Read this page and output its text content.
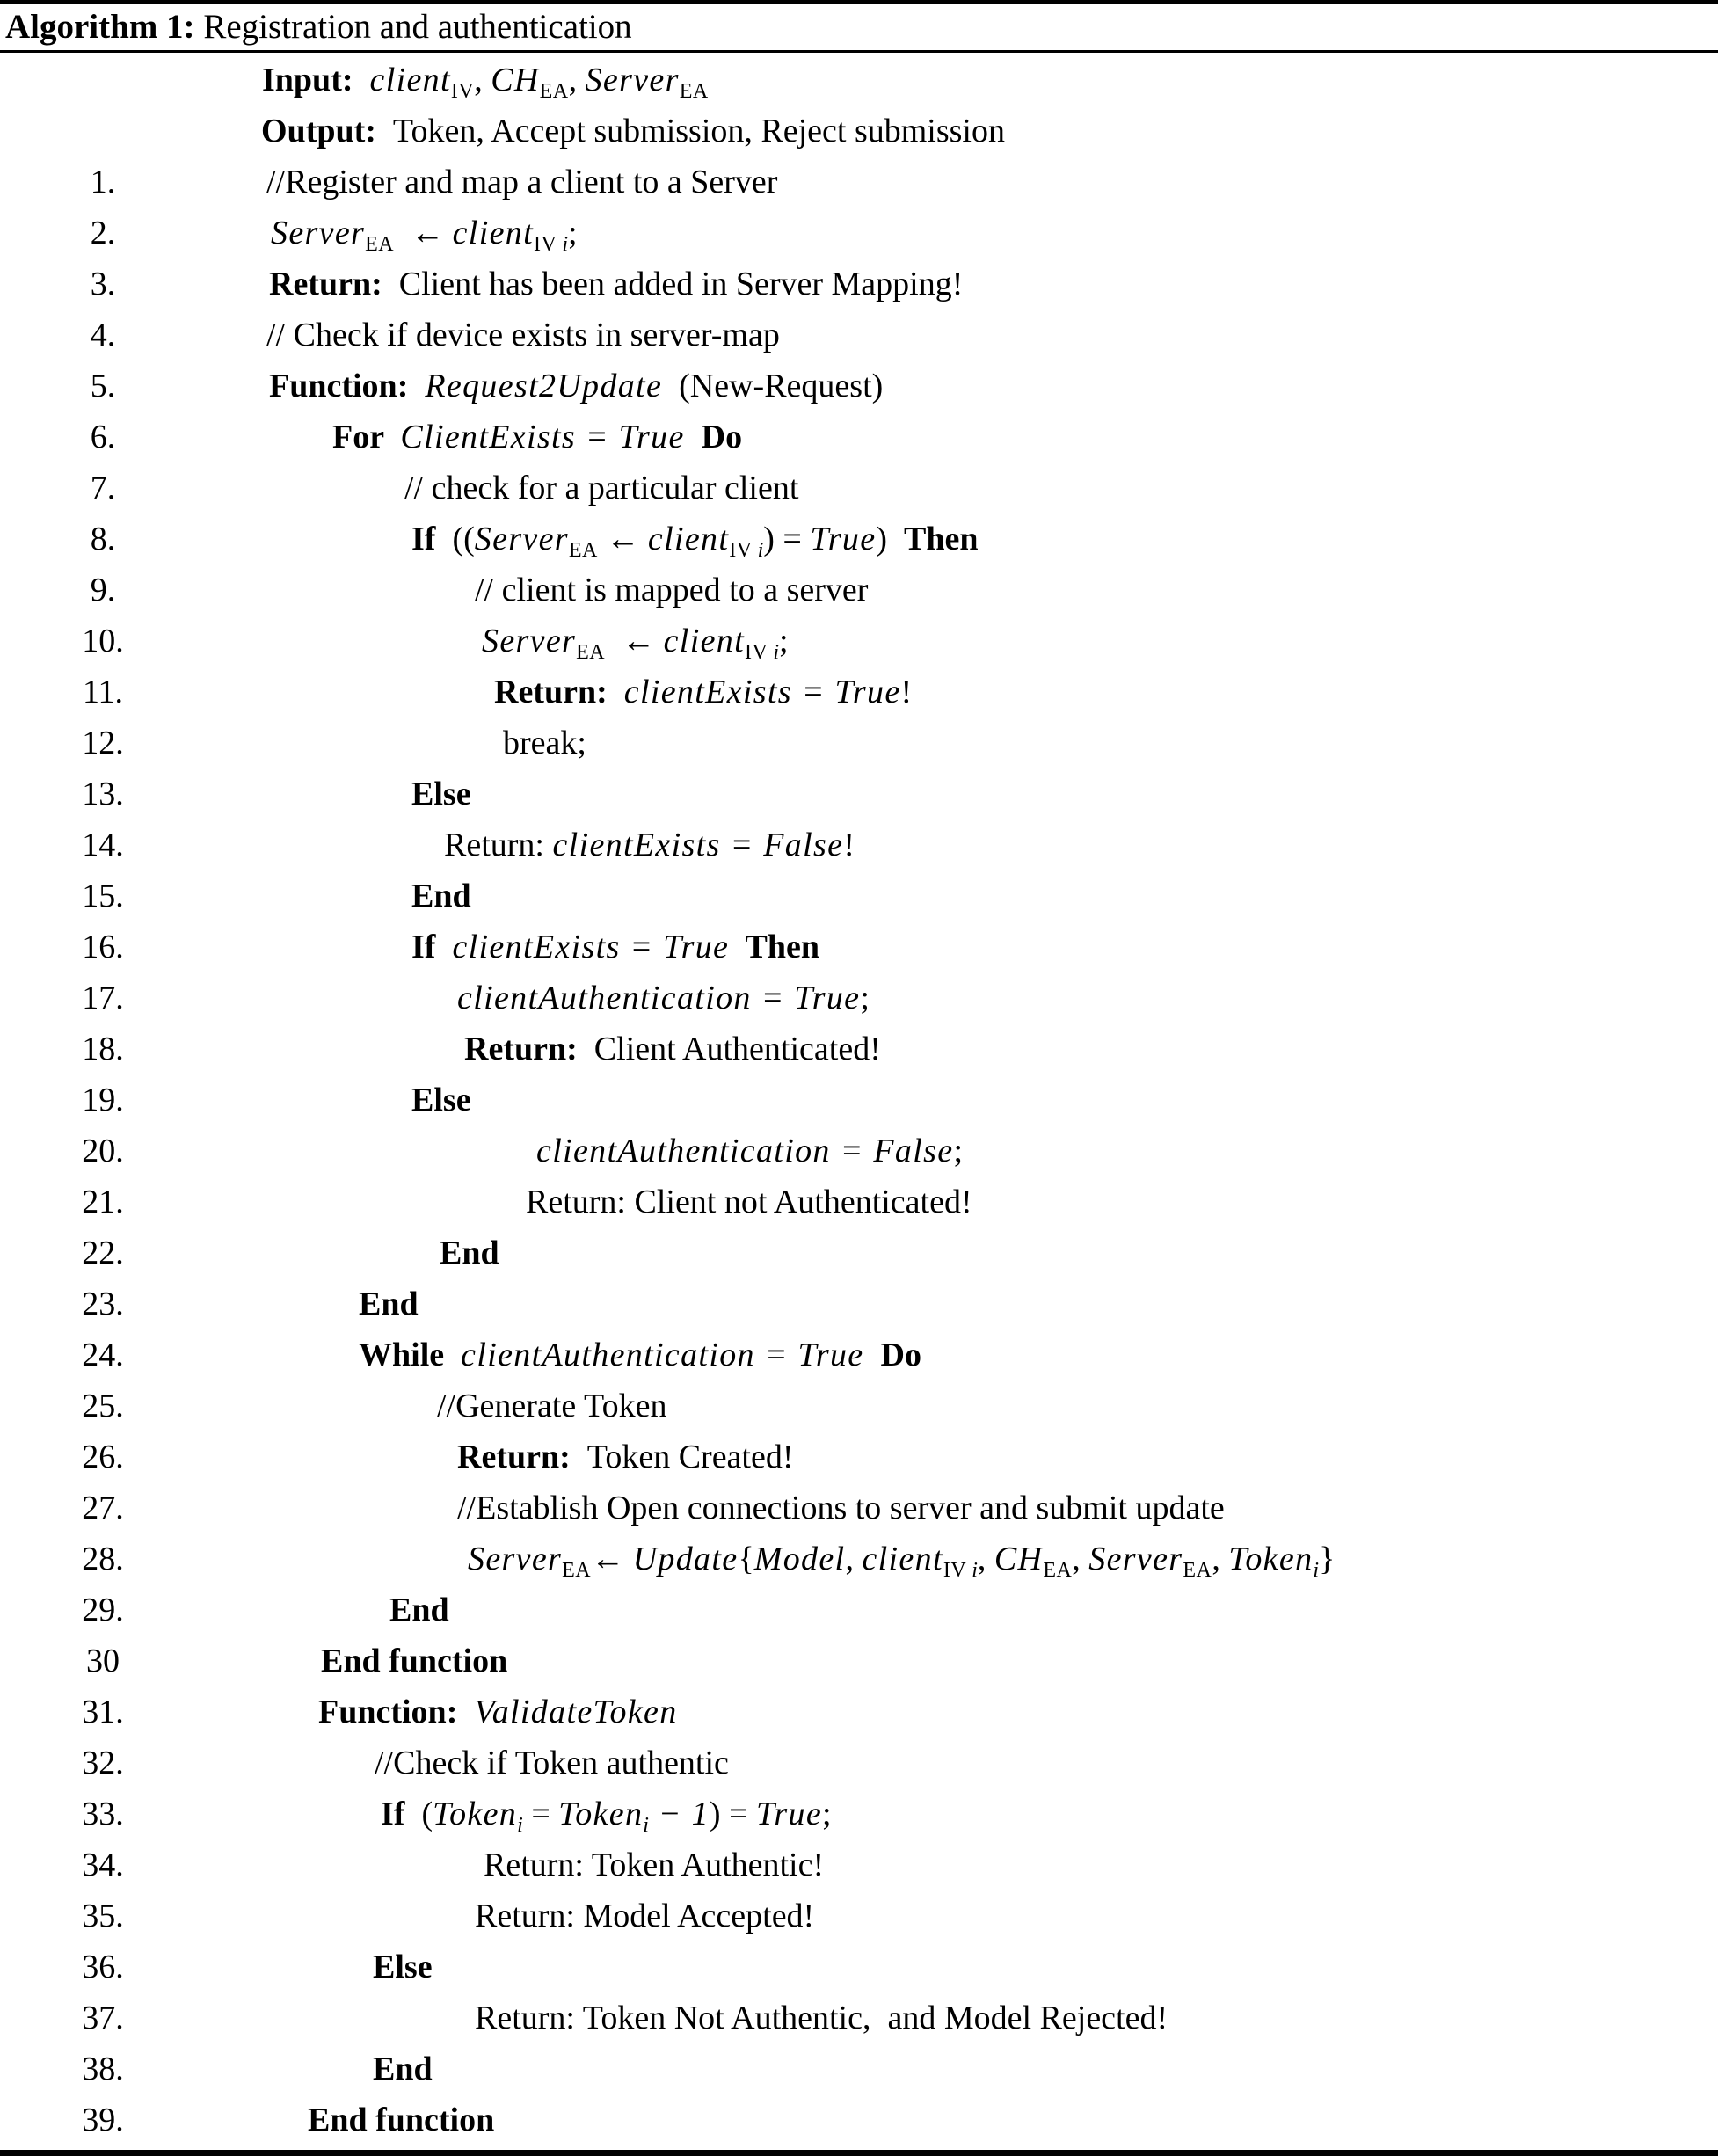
Algorithm 1: Registration and authentication
Input:  client$_{IV}$, $CH_{EA}$, Server$_{EA}$
Output:  Token, Accept submission, Reject submission
1.	//Register and map a client to a Server
2.	Server$_{EA}$  ← client$_{IV}$ $_i$;
3.	Return:  Client has been added in Server Mapping!
4.	// Check if device exists in server-map
5.	Function:  Request2Update  (New-Request)
6.	For  ClientExists = True  Do
7.	// check for a particular client
8.	If  ((Server$_{EA}$ ← client$_{IV}$ $_i$) = True)  Then
9.	// client is mapped to a server
10.	Server$_{EA}$  ← client$_{IV}$ $_i$;
11.	Return:  clientExists = True!
12.	break;
13.	Else
14.	Return: clientExists = False!
15.	End
16.	If  clientExists = True  Then
17.	clientAuthentication = True;
18.	Return:  Client Authenticated!
19.	Else
20.	clientAuthentication = False;
21.	Return: Client not Authenticated!
22.	End
23.	End
24.	While  clientAuthentication = True  Do
25.	//Generate Token
26.	Return:  Token Created!
27.	//Establish Open connections to server and submit update
28.	Server$_{EA}$← Update{Model, client$_{IV}$ $_i$, $CH_{EA}$, Server$_{EA}$, Token$_i$}
29.	End
30	End function
31.	Function:  ValidateToken
32.	//Check if Token authentic
33.	If  (Token$_i$ = Token$_i$ − 1) = True;
34.	Return: Token Authentic!
35.	Return: Model Accepted!
36.	Else
37.	Return: Token Not Authentic,  and Model Rejected!
38.	End
39.	End function
